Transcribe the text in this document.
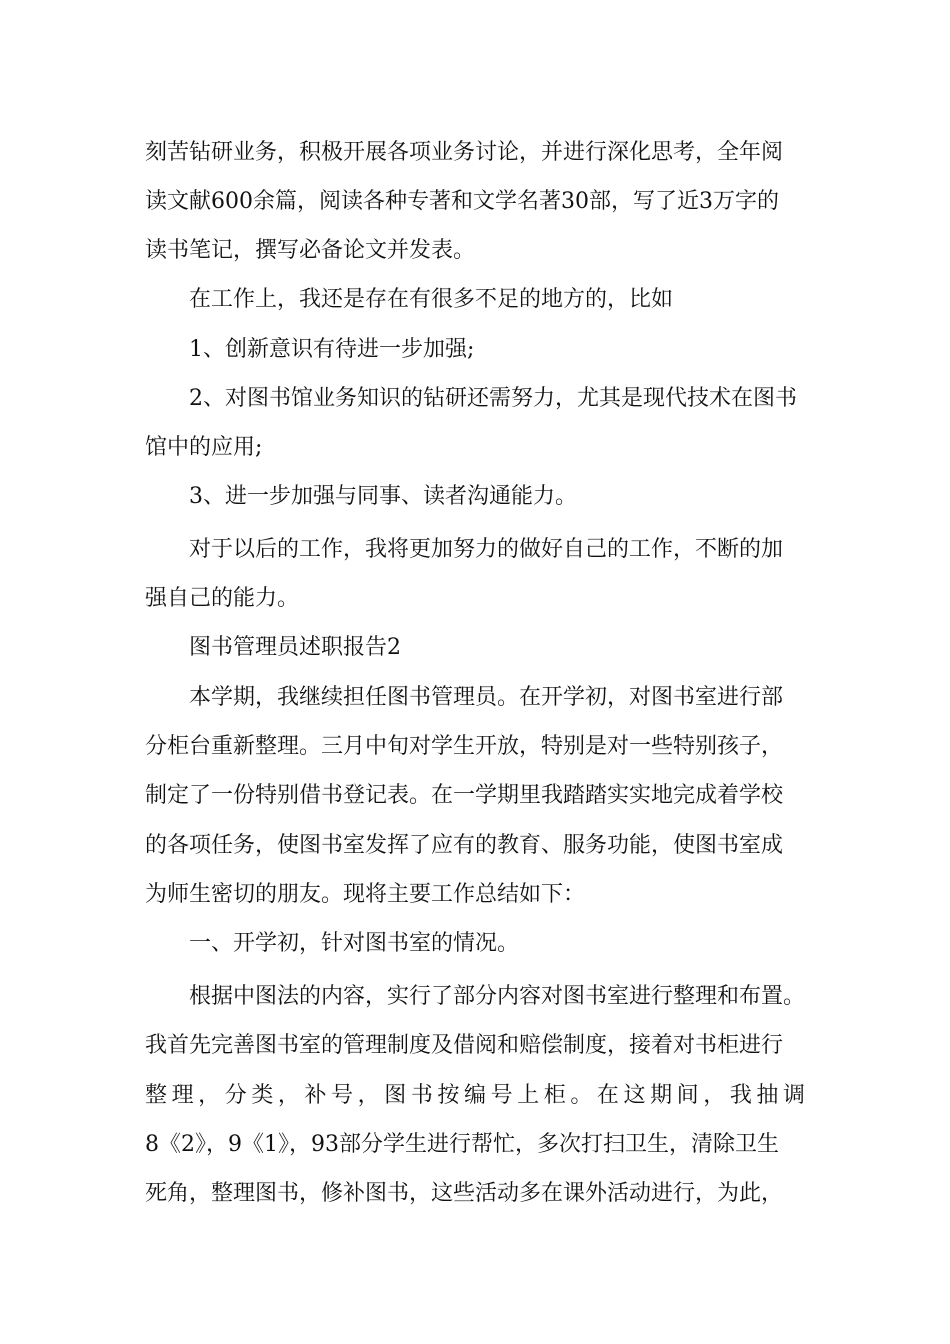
刻苦钻研业务，积极开展各项业务讨论，并进行深化思考，全年阅

读文献600余篇，阅读各种专著和文学名著30部，写了近3万字的

读书笔记，撰写必备论文并发表。

在工作上，我还是存在有很多不足的地方的，比如

1、创新意识有待进一步加强;

2、对图书馆业务知识的钻研还需努力，尤其是现代技术在图书

馆中的应用;

3、进一步加强与同事、读者沟通能力。

对于以后的工作，我将更加努力的做好自己的工作，不断的加

强自己的能力。

图书管理员述职报告2

本学期，我继续担任图书管理员。在开学初，对图书室进行部

分柜台重新整理。三月中旬对学生开放，特别是对一些特别孩子，

制定了一份特别借书登记表。在一学期里我踏踏实实地完成着学校

的各项任务，使图书室发挥了应有的教育、服务功能，使图书室成

为师生密切的朋友。现将主要工作总结如下：

一、开学初，针对图书室的情况。

根据中图法的内容，实行了部分内容对图书室进行整理和布置。

我首先完善图书室的管理制度及借阅和赔偿制度，接着对书柜进行

整理，分类，补号，图书按编号上柜。在这期间，我抽调

8《2》，9《1》，93部分学生进行帮忙，多次打扫卫生，清除卫生

死角，整理图书，修补图书，这些活动多在课外活动进行，为此，
